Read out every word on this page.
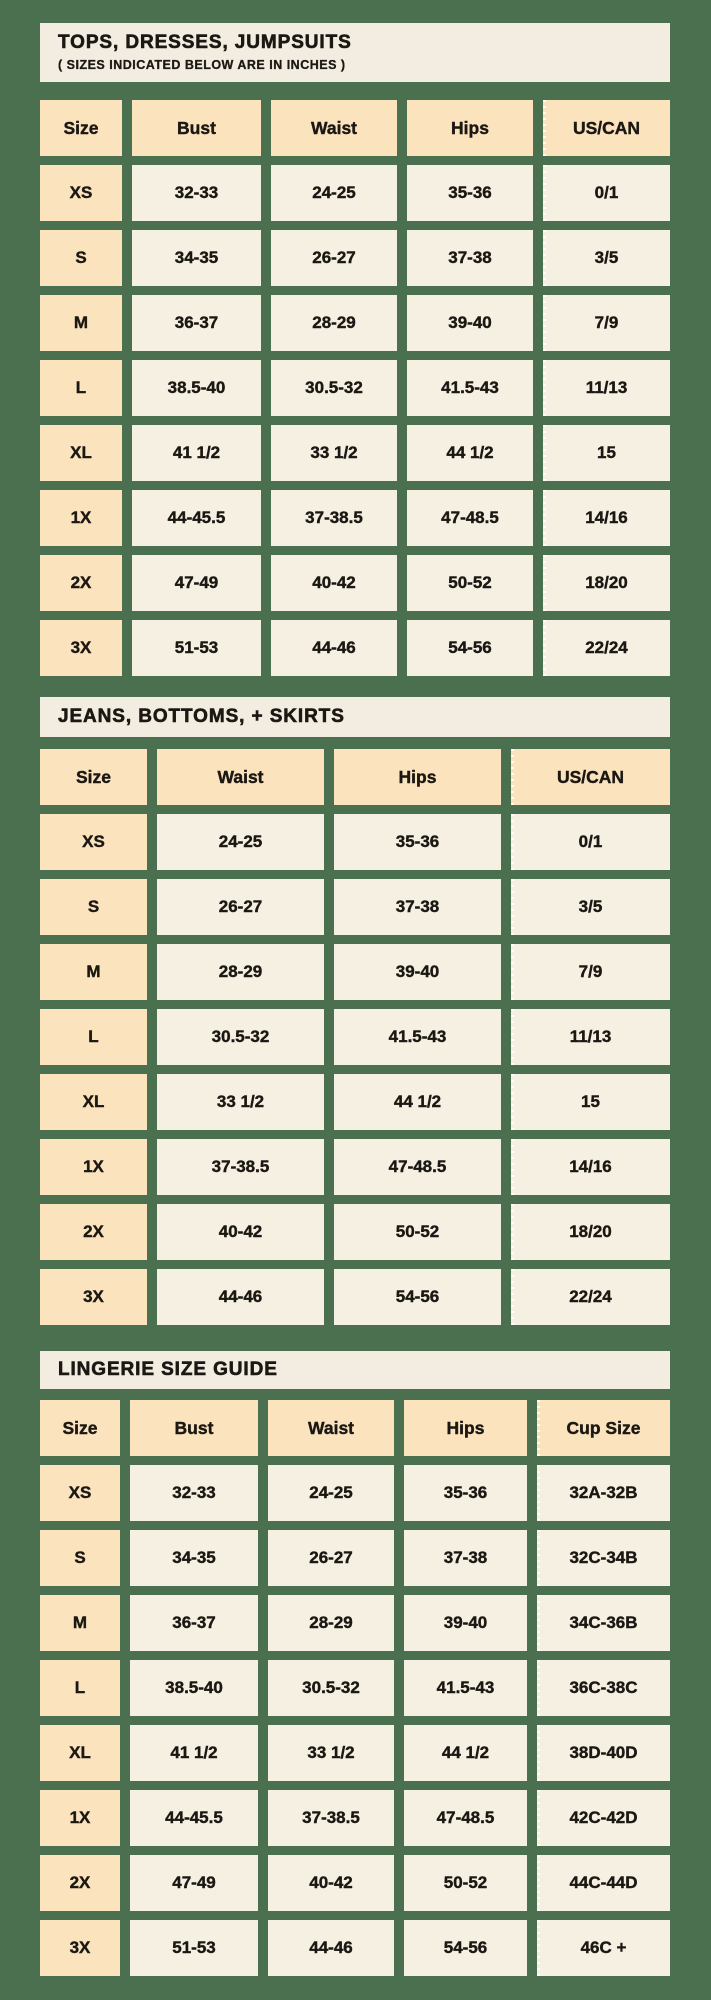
TOPS, DRESSES, JUMPSUITS
( SIZES INDICATED BELOW ARE IN INCHES )
Size	Bust	Waist	Hips	US/CAN
XS	32-33	24-25	35-36	0/1
S	34-35	26-27	37-38	3/5
M	36-37	28-29	39-40	7/9
L	38.5-40	30.5-32	41.5-43	11/13
XL	41 1/2	33 1/2	44 1/2	15
1X	44-45.5	37-38.5	47-48.5	14/16
2X	47-49	40-42	50-52	18/20
3X	51-53	44-46	54-56	22/24
JEANS, BOTTOMS, + SKIRTS
Size	Waist	Hips	US/CAN
XS	24-25	35-36	0/1
S	26-27	37-38	3/5
M	28-29	39-40	7/9
L	30.5-32	41.5-43	11/13
XL	33 1/2	44 1/2	15
1X	37-38.5	47-48.5	14/16
2X	40-42	50-52	18/20
3X	44-46	54-56	22/24
LINGERIE SIZE GUIDE
Size	Bust	Waist	Hips	Cup Size
XS	32-33	24-25	35-36	32A-32B
S	34-35	26-27	37-38	32C-34B
M	36-37	28-29	39-40	34C-36B
L	38.5-40	30.5-32	41.5-43	36C-38C
XL	41 1/2	33 1/2	44 1/2	38D-40D
1X	44-45.5	37-38.5	47-48.5	42C-42D
2X	47-49	40-42	50-52	44C-44D
3X	51-53	44-46	54-56	46C +
